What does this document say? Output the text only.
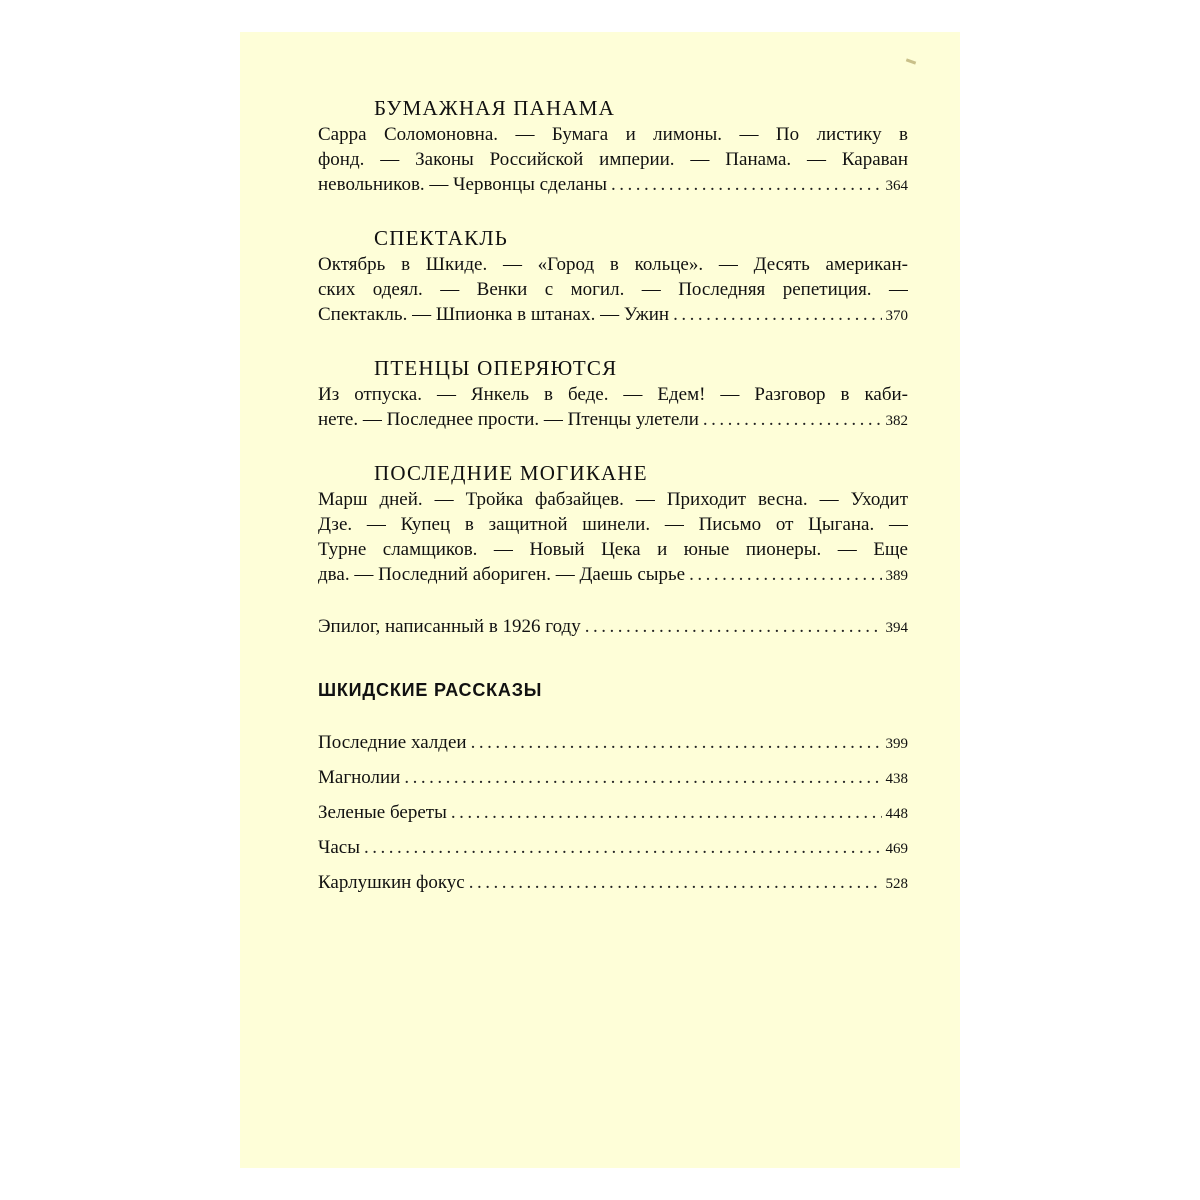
БУМАЖНАЯ ПАНАМА
Сарра Соломоновна. — Бумага и лимоны. — По листику в
фонд. — Законы Российской империи. — Панама. — Караван
невольников. — Червонцы сделаны .....	364
СПЕКТАКЛЬ
Октябрь в Шкиде. — «Город в кольце». — Десять американ-
ских одеял. — Венки с могил. — Последняя репетиция. —
Спектакль. — Шпионка в штанах. — Ужин .....	370
ПТЕНЦЫ ОПЕРЯЮТСЯ
Из отпуска. — Янкель в беде. — Едем! — Разговор в каби-
нете. — Последнее прости. — Птенцы улетели .....	382
ПОСЛЕДНИЕ МОГИКАНЕ
Марш дней. — Тройка фабзайцев. — Приходит весна. — Уходит
Дзе. — Купец в защитной шинели. — Письмо от Цыгана. —
Турне сламщиков. — Новый Цека и юные пионеры. — Еще
два. — Последний абориген. — Даешь сырье .....	389
Эпилог, написанный в 1926 году .....	394
ШКИДСКИЕ РАССКАЗЫ
Последние халдеи .....	399
Магнолии .....	438
Зеленые береты .....	448
Часы .....	469
Карлушкин фокус .....	528
